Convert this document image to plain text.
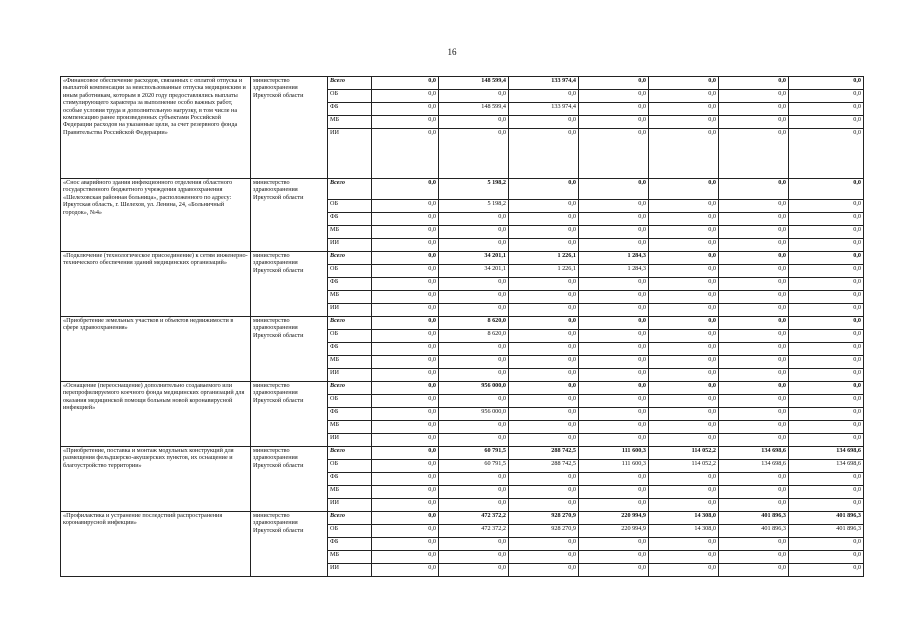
16
«Финансовое обеспечение расходов, связанных с оплатой отпуска и выплатой компенсации за неиспользованные отпуска медицинским и иным работникам, которым в 2020 году предоставлялись выплаты стимулирующего характера за выполнение особо важных работ, особые условия труда и дополнительную нагрузку, в том числе на компенсацию ранее произведенных субъектами Российской Федерации расходов на указанные цели, за счет резервного фонда Правительства Российской Федерации»	министерство здравоохранения Иркутской области	Всего	0,0	148 599,4	133 974,4	0,0	0,0	0,0	0,0
		ОБ	0,0	0,0	0,0	0,0	0,0	0,0	0,0
		ФБ	0,0	148 599,4	133 974,4	0,0	0,0	0,0	0,0
		МБ	0,0	0,0	0,0	0,0	0,0	0,0	0,0
		ИИ	0,0	0,0	0,0	0,0	0,0	0,0	0,0
«Снос аварийного здания инфекционного отделения областного государственного бюджетного учреждения здравоохранения «Шелеховская районная больница», расположенного по адресу: Иркутская область, г. Шелехов, ул. Ленина, 24, «Больничный городок», №4»	министерство здравоохранения Иркутской области	Всего	0,0	5 198,2	0,0	0,0	0,0	0,0	0,0
		ОБ	0,0	5 198,2	0,0	0,0	0,0	0,0	0,0
		ФБ	0,0	0,0	0,0	0,0	0,0	0,0	0,0
		МБ	0,0	0,0	0,0	0,0	0,0	0,0	0,0
		ИИ	0,0	0,0	0,0	0,0	0,0	0,0	0,0
«Подключение (технологическое присоединение) к сетям инженерно-технического обеспечения зданий медицинских организаций»	министерство здравоохранения Иркутской области	Всего	0,0	34 201,1	1 226,1	1 284,3	0,0	0,0	0,0
		ОБ	0,0	34 201,1	1 226,1	1 284,3	0,0	0,0	0,0
		ФБ	0,0	0,0	0,0	0,0	0,0	0,0	0,0
		МБ	0,0	0,0	0,0	0,0	0,0	0,0	0,0
		ИИ	0,0	0,0	0,0	0,0	0,0	0,0	0,0
«Приобретение земельных участков и объектов недвижимости в сфере здравоохранения»	министерство здравоохранения Иркутской области	Всего	0,0	8 620,0	0,0	0,0	0,0	0,0	0,0
		ОБ	0,0	8 620,0	0,0	0,0	0,0	0,0	0,0
		ФБ	0,0	0,0	0,0	0,0	0,0	0,0	0,0
		МБ	0,0	0,0	0,0	0,0	0,0	0,0	0,0
		ИИ	0,0	0,0	0,0	0,0	0,0	0,0	0,0
«Оснащение (переоснащение) дополнительно создаваемого или перепрофилируемого коечного фонда медицинских организаций для оказания медицинской помощи больным новой коронавирусной инфекцией»	министерство здравоохранения Иркутской области	Всего	0,0	956 000,0	0,0	0,0	0,0	0,0	0,0
		ОБ	0,0	0,0	0,0	0,0	0,0	0,0	0,0
		ФБ	0,0	956 000,0	0,0	0,0	0,0	0,0	0,0
		МБ	0,0	0,0	0,0	0,0	0,0	0,0	0,0
		ИИ	0,0	0,0	0,0	0,0	0,0	0,0	0,0
«Приобретение, поставка и монтаж модульных конструкций для размещения фельдшерско-акушерских пунктов, их оснащение и благоустройство территории»	министерство здравоохранения Иркутской области	Всего	0,0	60 791,5	288 742,5	111 600,3	114 052,2	134 698,6	134 698,6
		ОБ	0,0	60 791,5	288 742,5	111 600,3	114 052,2	134 698,6	134 698,6
		ФБ	0,0	0,0	0,0	0,0	0,0	0,0	0,0
		МБ	0,0	0,0	0,0	0,0	0,0	0,0	0,0
		ИИ	0,0	0,0	0,0	0,0	0,0	0,0	0,0
«Профилактика и устранение последствий распространения коронавирусной инфекции»	министерство здравоохранения Иркутской области	Всего	0,0	472 372,2	928 270,9	220 994,9	14 308,0	401 896,3	401 896,3
		ОБ	0,0	472 372,2	928 270,9	220 994,9	14 308,0	401 896,3	401 896,3
		ФБ	0,0	0,0	0,0	0,0	0,0	0,0	0,0
		МБ	0,0	0,0	0,0	0,0	0,0	0,0	0,0
		ИИ	0,0	0,0	0,0	0,0	0,0	0,0	0,0
